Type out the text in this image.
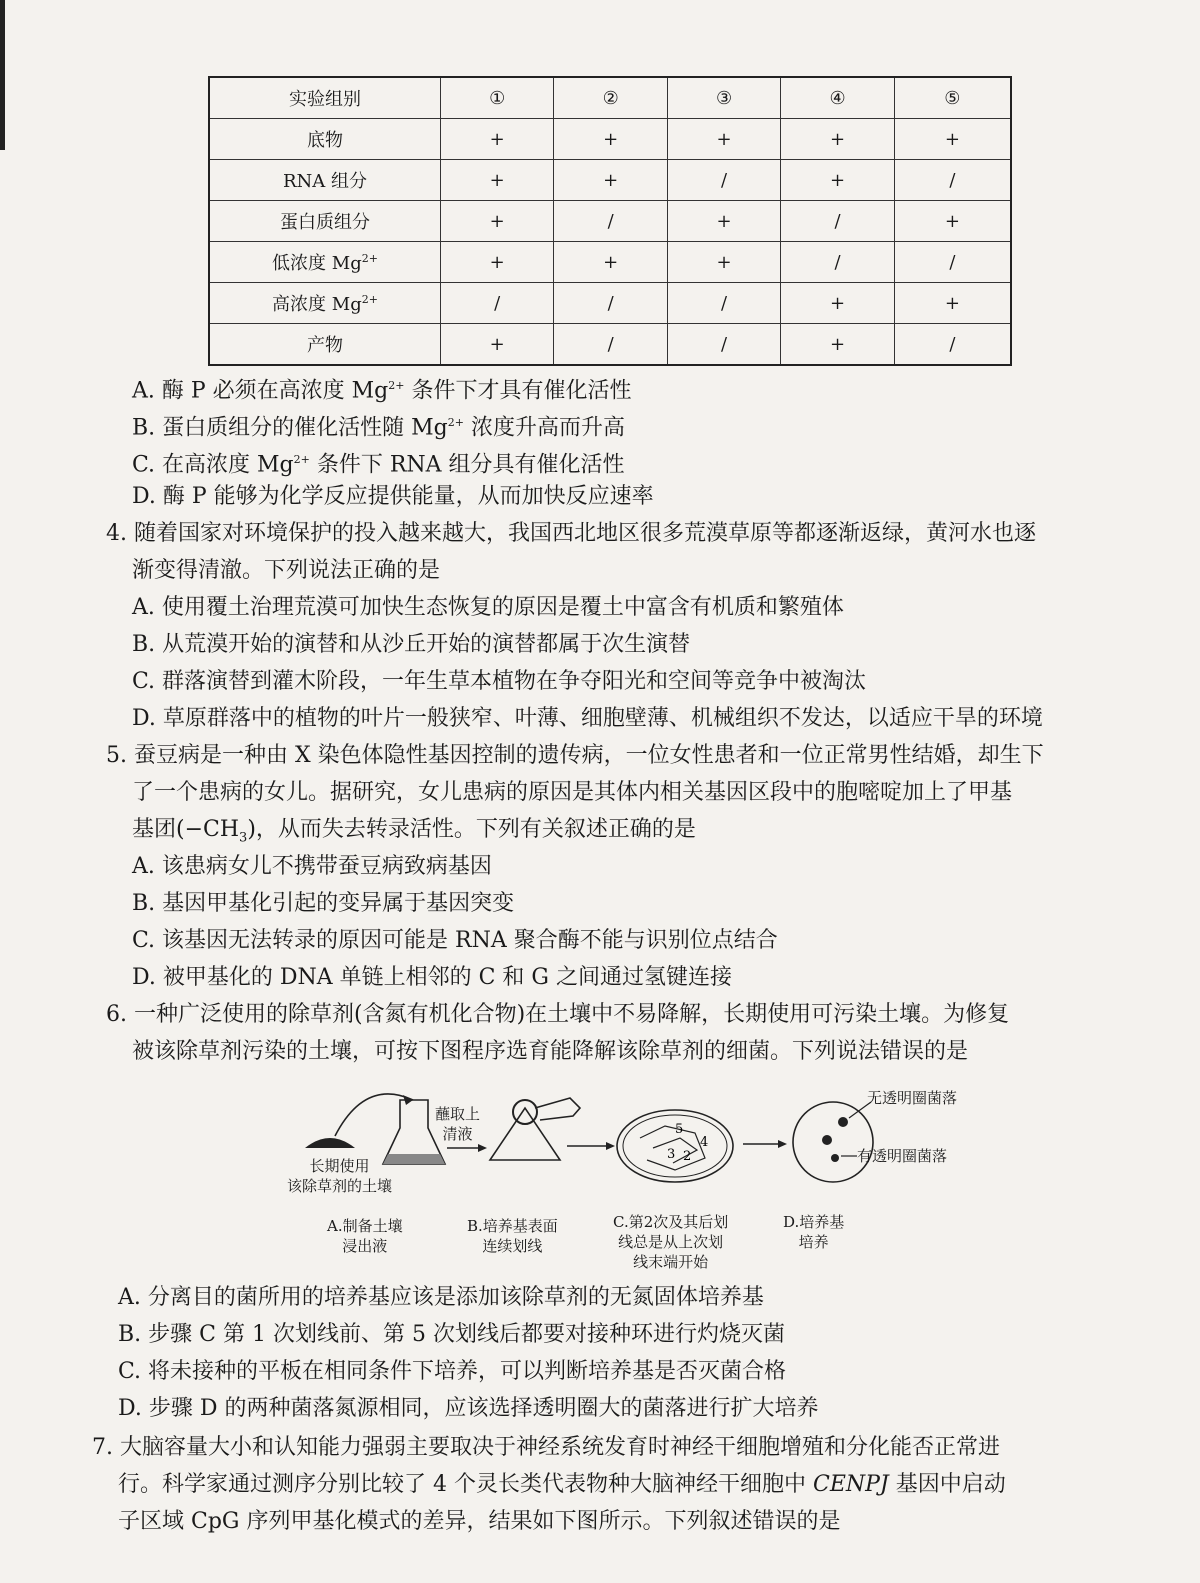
实验组别	①	②	③	④	⑤
底物	+	+	+	+	+
RNA 组分	+	+	/	+	/
蛋白质组分	+	/	+	/	+
低浓度 $Mg^{2+}$	+	+	+	/	/
高浓度 $Mg^{2+}$	/	/	/	+	+
产物	+	/	/	+	/
A. 酶 P 必须在高浓度 $Mg^{2+}$ 条件下才具有催化活性
B. 蛋白质组分的催化活性随 $Mg^{2+}$ 浓度升高而升高
C. 在高浓度 $Mg^{2+}$ 条件下 RNA 组分具有催化活性
D. 酶 P 能够为化学反应提供能量，从而加快反应速率
4. 随着国家对环境保护的投入越来越大，我国西北地区很多荒漠草原等都逐渐返绿，黄河水也逐
渐变得清澈。下列说法正确的是
A. 使用覆土治理荒漠可加快生态恢复的原因是覆土中富含有机质和繁殖体
B. 从荒漠开始的演替和从沙丘开始的演替都属于次生演替
C. 群落演替到灌木阶段，一年生草本植物在争夺阳光和空间等竞争中被淘汰
D. 草原群落中的植物的叶片一般狭窄、叶薄、细胞壁薄、机械组织不发达，以适应干旱的环境
5. 蚕豆病是一种由 X 染色体隐性基因控制的遗传病，一位女性患者和一位正常男性结婚，却生下
了一个患病的女儿。据研究，女儿患病的原因是其体内相关基因区段中的胞嘧啶加上了甲基
基团$(-CH_3)$，从而失去转录活性。下列有关叙述正确的是
A. 该患病女儿不携带蚕豆病致病基因
B. 基因甲基化引起的变异属于基因突变
C. 该基因无法转录的原因可能是 RNA 聚合酶不能与识别位点结合
D. 被甲基化的 DNA 单链上相邻的 C 和 G 之间通过氢键连接
6. 一种广泛使用的除草剂(含氮有机化合物)在土壤中不易降解，长期使用可污染土壤。为修复
被该除草剂污染的土壤，可按下图程序选育能降解该除草剂的细菌。下列说法错误的是
5
4
3 2
长期使用
该除草剂的土壤
蘸取上
清液
无透明圈菌落
有透明圈菌落
A.制备土壤
浸出液
B.培养基表面
连续划线
C.第2次及其后划
线总是从上次划
线末端开始
D.培养基
培养
A. 分离目的菌所用的培养基应该是添加该除草剂的无氮固体培养基
B. 步骤 C 第 1 次划线前、第 5 次划线后都要对接种环进行灼烧灭菌
C. 将未接种的平板在相同条件下培养，可以判断培养基是否灭菌合格
D. 步骤 D 的两种菌落氮源相同，应该选择透明圈大的菌落进行扩大培养
7. 大脑容量大小和认知能力强弱主要取决于神经系统发育时神经干细胞增殖和分化能否正常进
行。科学家通过测序分别比较了 4 个灵长类代表物种大脑神经干细胞中 CENPJ 基因中启动
子区域 CpG 序列甲基化模式的差异，结果如下图所示。下列叙述错误的是
